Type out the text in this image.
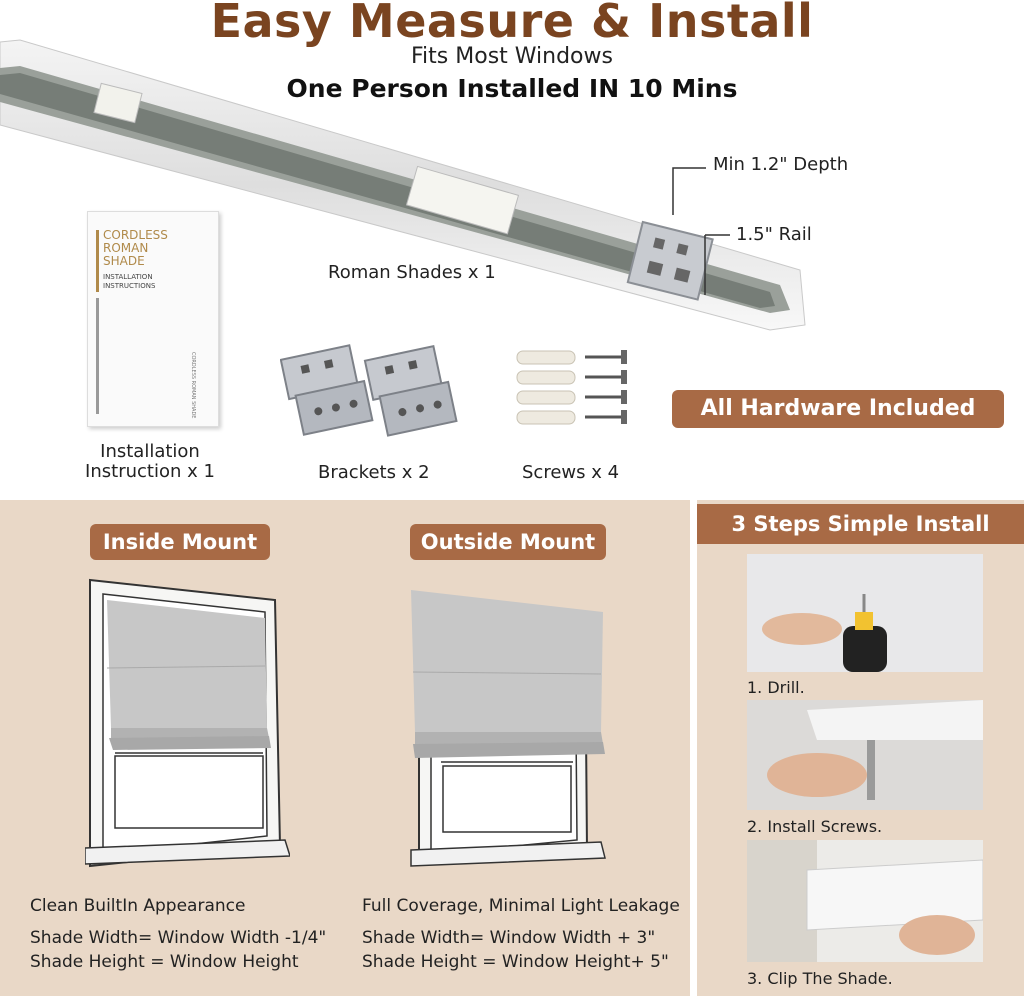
Easy Measure & Install
Fits Most Windows
One Person Installed IN 10 Mins
Min 1.2" Depth
1.5" Rail
Roman Shades x 1
CORDLESS
ROMAN
SHADE
INSTALLATION
INSTRUCTIONS
CORDLESS ROMAN SHADE
Installation
Instruction x 1	Brackets x 2	Screws x 4
All Hardware Included
Inside Mount	Outside Mount
Clean BuiltIn Appearance
Shade Width= Window Width -1/4"
Shade Height = Window Height
Full Coverage, Minimal Light Leakage
Shade Width= Window Width + 3"
Shade Height = Window Height+ 5"
3 Steps Simple Install
1. Drill.
2. Install Screws.
3. Clip The Shade.
